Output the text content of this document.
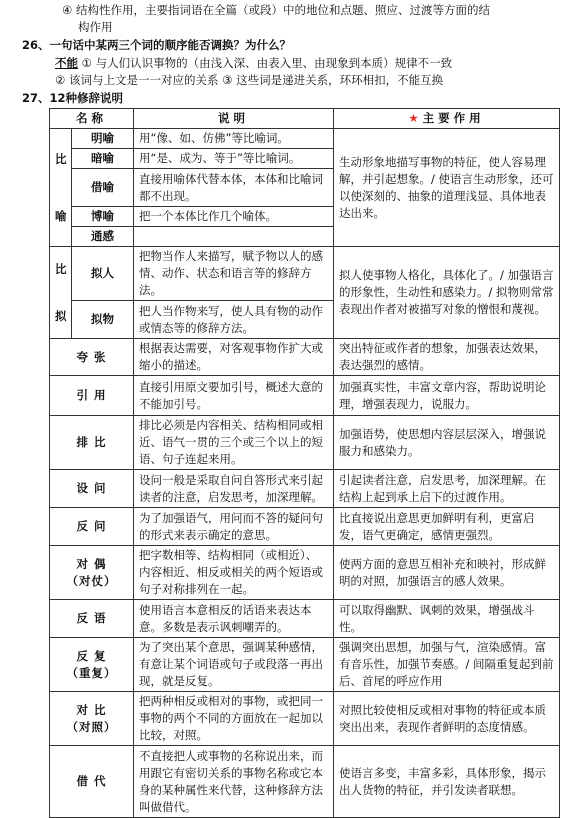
④ 结构性作用，主要指词语在全篇（或段）中的地位和点题、照应、过渡等方面的结
构作用
26、一句话中某两三个词的顺序能否调换？为什么？
不能 ① 与人们认识事物的（由浅入深、由表入里、由现象到本质）规律不一致
② 该词与上文是一一对应的关系 ③ 这些词是递进关系，环环相扣，不能互换
27、12种修辞说明
名称		说明	★主要作用

比
喻	明喻	用“像、如、仿佛”等比喻词。	生动形象地描写事物的特征，使人容易理解，并引起想象。/ 使语言生动形象，还可以使深刻的、抽象的道理浅显、具体地表达出来。
	暗喻	用“是、成为、等于”等比喻词。	
	借喻	直接用喻体代替本体，本体和比喻词都不出现。	
	博喻	把一个本体比作几个喻体。	
	通感		

比
拟	拟人	把物当作人来描写，赋予物以人的感情、动作、状态和语言等的修辞方法。	拟人使事物人格化，具体化了。/ 加强语言的形象性，生动性和感染力。/ 拟物则常常表现出作者对被描写对象的憎恨和蔑视。
	拟物	把人当作物来写，使人具有物的动作或情态等的修辞方法。	
夸 张		根据表达需要，对客观事物作扩大或缩小的描述。	突出特征或作者的想象，加强表达效果，表达强烈的感情。
引 用		直接引用原文要加引号，概述大意的不能加引号。	加强真实性，丰富文章内容，帮助说明论理，增强表现力，说服力。
排 比		排比必须是内容相关、结构相同或相近、语气一贯的三个或三个以上的短语、句子连起来用。	加强语势，使思想内容层层深入，增强说服力和感染力。
设 问		设问一般是采取自问自答形式来引起读者的注意，启发思考，加深理解。	引起读者注意，启发思考，加深理解。在结构上起到承上启下的过渡作用。
反 问		为了加强语气，用问而不答的疑问句的形式来表示确定的意思。	比直接说出意思更加鲜明有利，更富启发，语气更确定，感情更强烈。
对 偶
（对仗）		把字数相等、结构相同（或相近）、内容相近、相反或相关的两个短语或句子对称排列在一起。	使两方面的意思互相补充和映衬，形成鲜明的对照，加强语言的感人效果。
反 语		使用语言本意相反的话语来表达本意。多数是表示讽刺嘲弄的。	可以取得幽默、讽刺的效果，增强战斗性。
反 复
（重复）		为了突出某个意思，强调某种感情，有意让某个词语或句子或段落一再出现，就是反复。	强调突出思想，加强与气，渲染感情。富有音乐性，加强节奏感。/ 间隔重复起到前后、首尾的呼应作用
对 比
（对照）		把两种相反或相对的事物，或把同一事物的两个不同的方面放在一起加以比较，对照。	对照比较使相反或相对事物的特征或本质突出出来，表现作者鲜明的态度情感。
借 代		不直接把人或事物的名称说出来，而用跟它有密切关系的事物名称或它本身的某种属性来代替，这种修辞方法叫做借代。	使语言多变，丰富多彩，具体形象，揭示出人货物的特征，并引发读者联想。
